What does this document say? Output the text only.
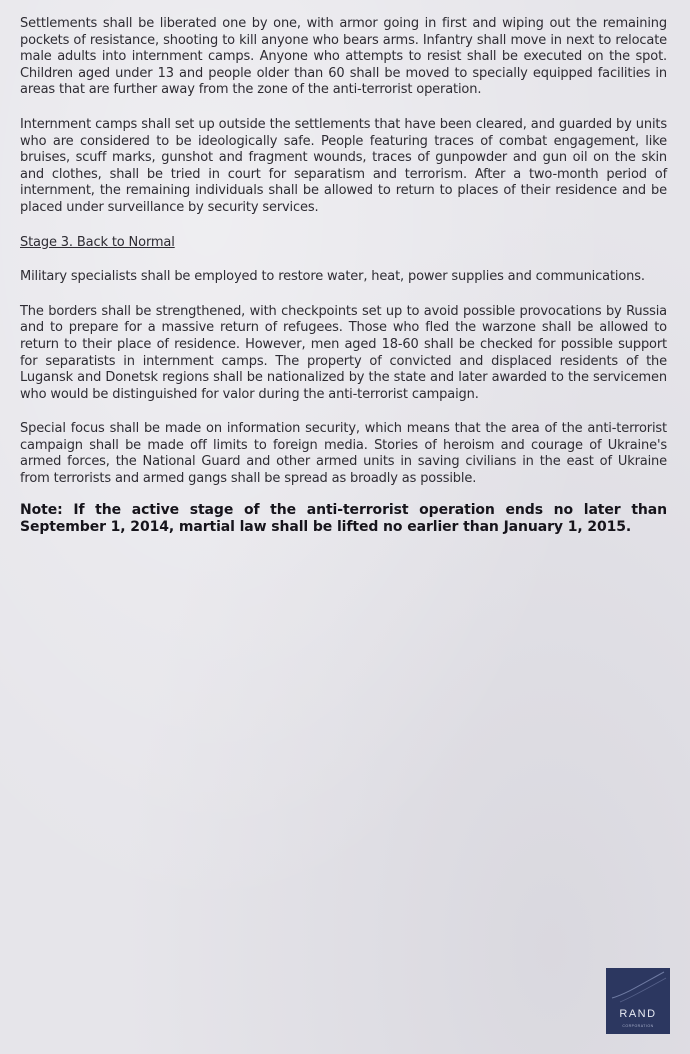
Settlements shall be liberated one by one, with armor going in first and wiping out the remaining pockets of resistance, shooting to kill anyone who bears arms. Infantry shall move in next to relocate male adults into internment camps. Anyone who attempts to resist shall be executed on the spot. Children aged under 13 and people older than 60 shall be moved to specially equipped facilities in areas that are further away from the zone of the anti-terrorist operation.

Internment camps shall set up outside the settlements that have been cleared, and guarded by units who are considered to be ideologically safe. People featuring traces of combat engagement, like bruises, scuff marks, gunshot and fragment wounds, traces of gunpowder and gun oil on the skin and clothes, shall be tried in court for separatism and terrorism. After a two-month period of internment, the remaining individuals shall be allowed to return to places of their residence and be placed under surveillance by security services.

Stage 3. Back to Normal

Military specialists shall be employed to restore water, heat, power supplies and communications.

The borders shall be strengthened, with checkpoints set up to avoid possible provocations by Russia and to prepare for a massive return of refugees. Those who fled the warzone shall be allowed to return to their place of residence. However, men aged 18-60 shall be checked for possible support for separatists in internment camps. The property of convicted and displaced residents of the Lugansk and Donetsk regions shall be nationalized by the state and later awarded to the servicemen who would be distinguished for valor during the anti-terrorist campaign.

Special focus shall be made on information security, which means that the area of the anti-terrorist campaign shall be made off limits to foreign media. Stories of heroism and courage of Ukraine's armed forces, the National Guard and other armed units in saving civilians in the east of Ukraine from terrorists and armed gangs shall be spread as broadly as possible.

Note: If the active stage of the anti-terrorist operation ends no later than September 1, 2014, martial law shall be lifted no earlier than January 1, 2015.

RAND
CORPORATION
